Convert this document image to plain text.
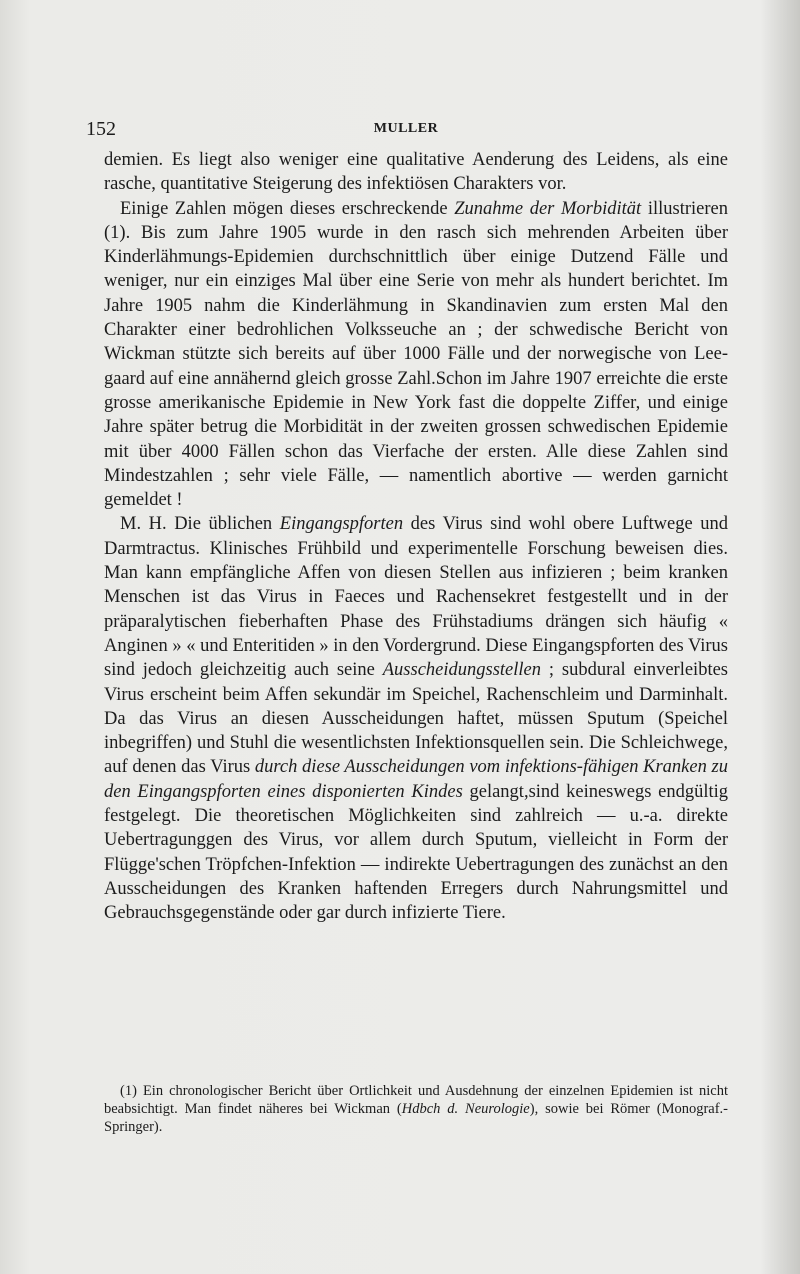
152	MULLER

demien. Es liegt also weniger eine qualitative Aenderung des Leidens, als eine rasche, quantitative Steigerung des infektiösen Charakters vor.

Einige Zahlen mögen dieses erschreckende Zunahme der Morbidität illustrieren (1). Bis zum Jahre 1905 wurde in den rasch sich mehrenden Arbeiten über Kinderlähmungs-Epidemien durchschnittlich über einige Dutzend Fälle und weniger, nur ein einziges Mal über eine Serie von mehr als hundert berichtet. Im Jahre 1905 nahm die Kinderlähmung in Skandinavien zum ersten Mal den Charakter einer bedrohlichen Volksseuche an ; der schwedische Bericht von Wickman stützte sich bereits auf über 1000 Fälle und der norwegische von Leegaard auf eine annähernd gleich grosse Zahl.Schon im Jahre 1907 erreichte die erste grosse amerikanische Epidemie in New York fast die doppelte Ziffer, und einige Jahre später betrug die Morbidität in der zweiten grossen schwedischen Epidemie mit über 4000 Fällen schon das Vierfache der ersten. Alle diese Zahlen sind Mindestzahlen ; sehr viele Fälle, — namentlich abortive — werden garnicht gemeldet !

M. H. Die üblichen Eingangspforten des Virus sind wohl obere Luftwege und Darmtractus. Klinisches Frühbild und experimentelle Forschung beweisen dies. Man kann empfängliche Affen von diesen Stellen aus infizieren ; beim kranken Menschen ist das Virus in Faeces und Rachensekret festgestellt und in der präparalytischen fieberhaften Phase des Frühstadiums drängen sich häufig « Anginen » « und Enteritiden » in den Vordergrund. Diese Eingangspforten des Virus sind jedoch gleichzeitig auch seine Ausscheidungsstellen ; subdural einverleibtes Virus erscheint beim Affen sekundär im Speichel, Rachenschleim und Darminhalt. Da das Virus an diesen Ausscheidungen haftet, müssen Sputum (Speichel inbegriffen) und Stuhl die wesentlichsten Infektionsquellen sein. Die Schleichwege, auf denen das Virus durch diese Ausscheidungen vom infektions-fähigen Kranken zu den Eingangspforten eines disponierten Kindes gelangt,sind keineswegs endgültig festgelegt. Die theoretischen Möglichkeiten sind zahlreich — u.-a. direkte Uebertragunggen des Virus, vor allem durch Sputum, vielleicht in Form der Flügge'schen Tröpfchen-Infektion — indirekte Uebertragungen des zunächst an den Ausscheidungen des Kranken haftenden Erregers durch Nahrungsmittel und Gebrauchsgegenstände oder gar durch infizierte Tiere.

(1) Ein chronologischer Bericht über Ortlichkeit und Ausdehnung der einzelnen Epidemien ist nicht beabsichtigt. Man findet näheres bei Wickman (Hdbch d. Neurologie), sowie bei Römer (Monograf.-Springer).
